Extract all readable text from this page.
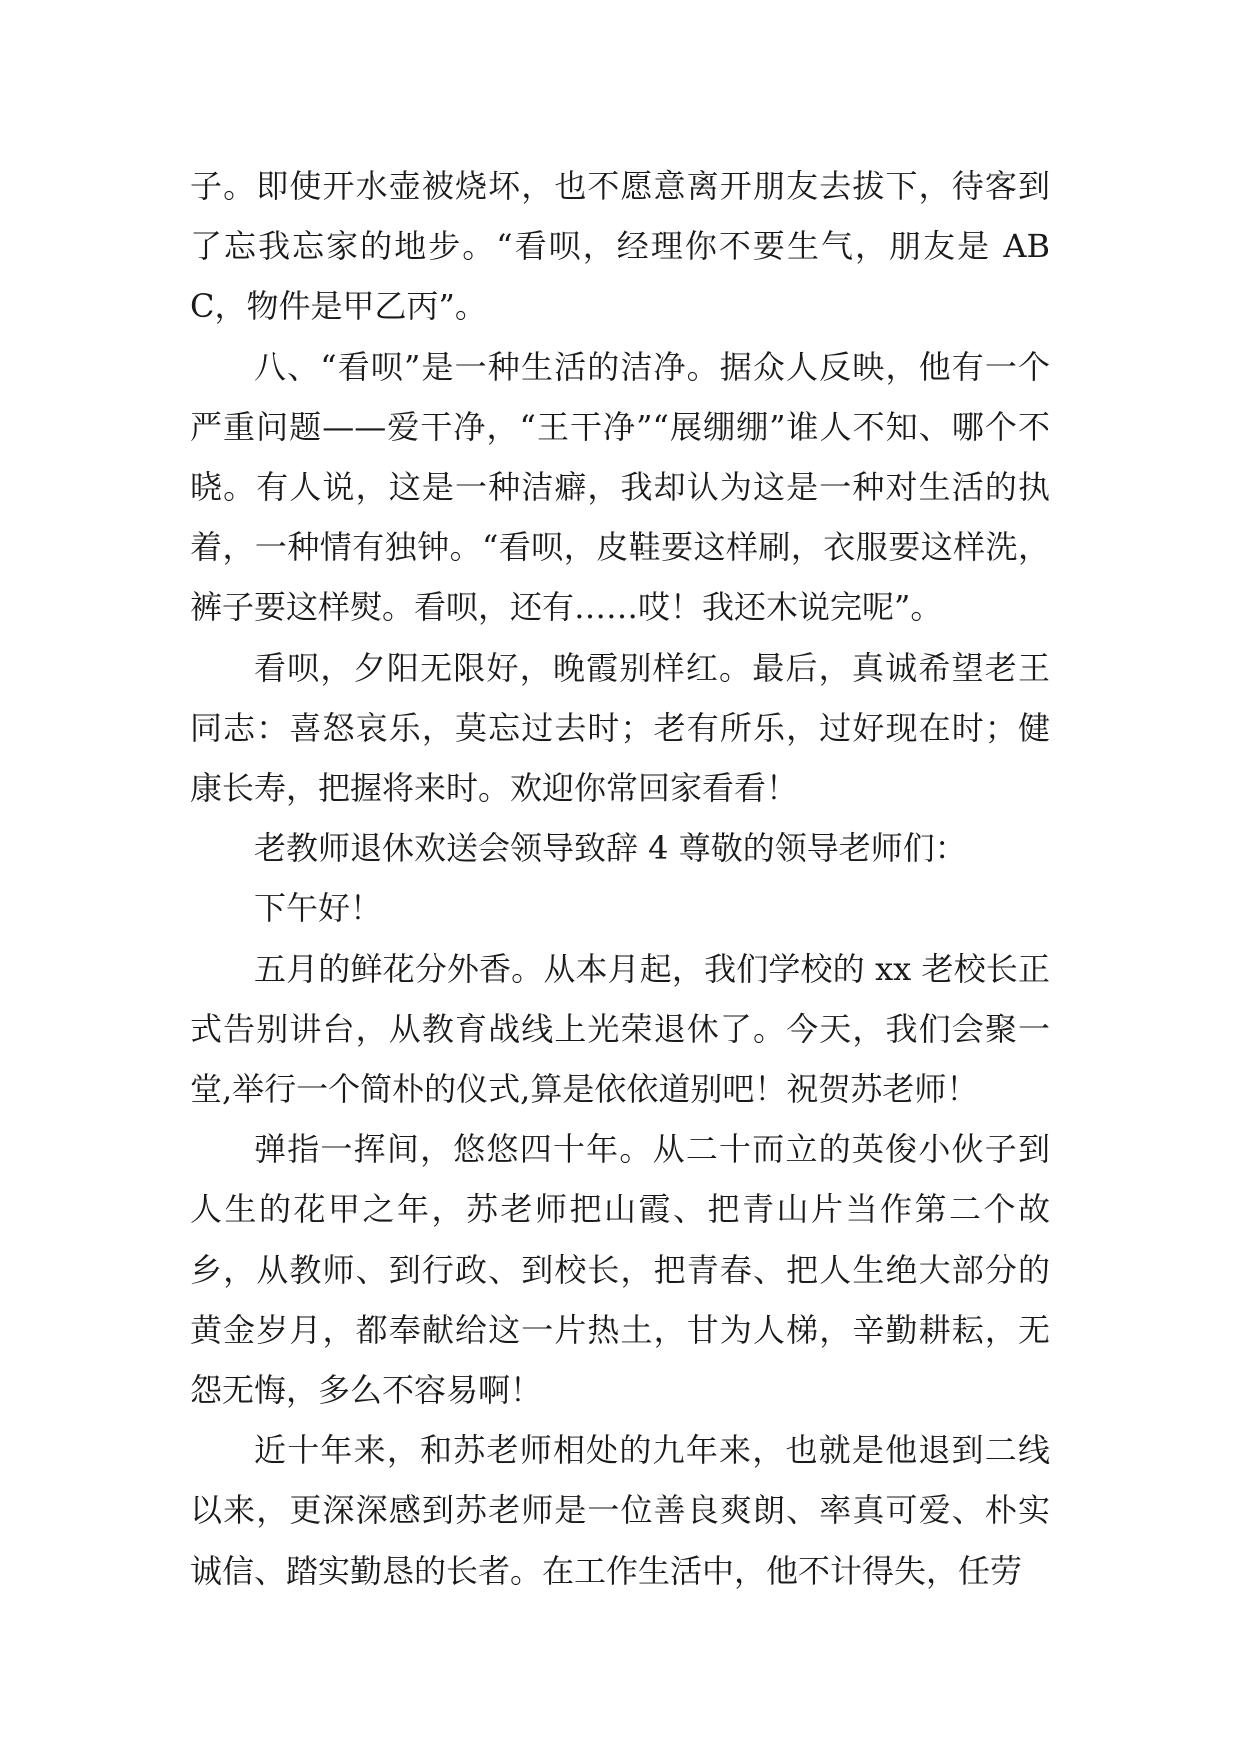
子。即使开水壶被烧坏，也不愿意离开朋友去拔下，待客到了忘我忘家的地步。“看呗，经理你不要生气，朋友是 ABC，物件是甲乙丙”。

八、“看呗”是一种生活的洁净。据众人反映，他有一个严重问题——爱干净，“王干净”“展绷绷”谁人不知、哪个不晓。有人说，这是一种洁癖，我却认为这是一种对生活的执着，一种情有独钟。“看呗，皮鞋要这样刷，衣服要这样洗，裤子要这样熨。看呗，还有……哎！我还木说完呢”。

看呗，夕阳无限好，晚霞别样红。最后，真诚希望老王同志：喜怒哀乐，莫忘过去时；老有所乐，过好现在时；健康长寿，把握将来时。欢迎你常回家看看！

老教师退休欢送会领导致辞 4 尊敬的领导老师们：

下午好！

五月的鲜花分外香。从本月起，我们学校的 xx 老校长正式告别讲台，从教育战线上光荣退休了。今天，我们会聚一堂,举行一个简朴的仪式,算是依依道别吧！祝贺苏老师！

弹指一挥间，悠悠四十年。从二十而立的英俊小伙子到人生的花甲之年，苏老师把山霞、把青山片当作第二个故乡，从教师、到行政、到校长，把青春、把人生绝大部分的黄金岁月，都奉献给这一片热土，甘为人梯，辛勤耕耘，无怨无悔，多么不容易啊！

近十年来，和苏老师相处的九年来，也就是他退到二线以来，更深深感到苏老师是一位善良爽朗、率真可爱、朴实诚信、踏实勤恳的长者。在工作生活中，他不计得失，任劳
